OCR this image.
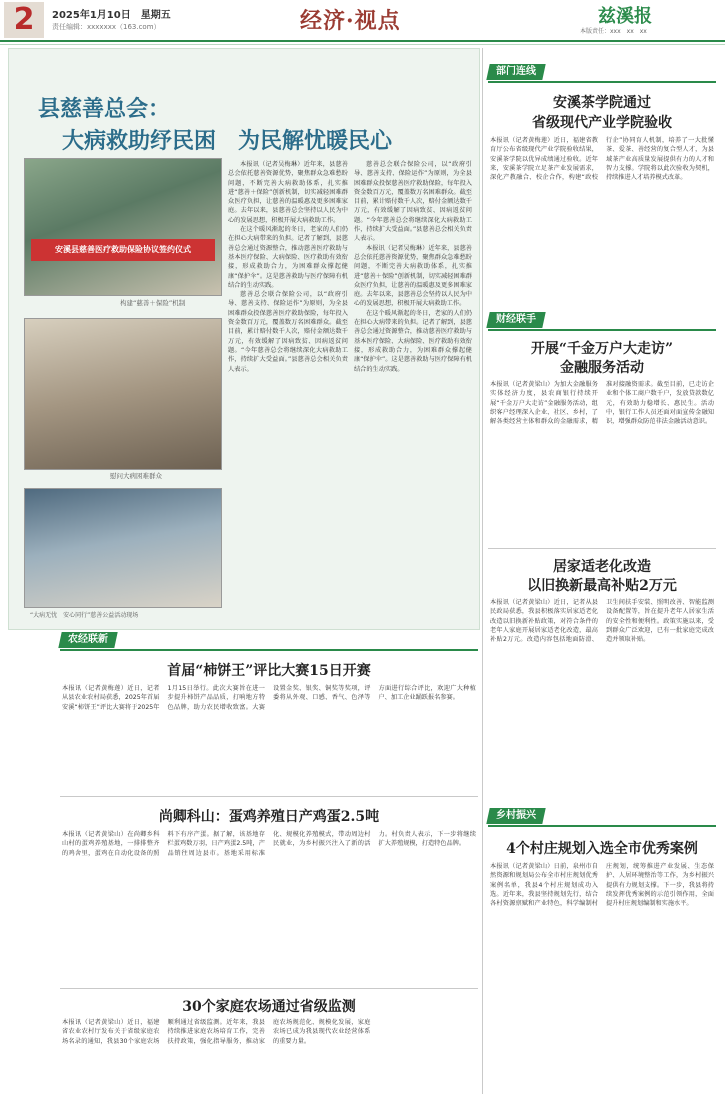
2	2025年1月10日　星期五
责任编辑：xxxxxxx（163.com）	经济·视点	兹溪报
本版责任：xxx　xx　xx
县慈善总会：
大病救助纾民困　为民解忧暖民心
安溪县慈善医疗救助保险协议签约仪式
构建“慈善＋保险”机制
慰问大病困难群众
“大病无忧　安心同行”慈善公益活动现场

本报讯（记者吴梅琳）近年来，县慈善总会依托慈善资源优势，聚焦群众急难愁盼问题，不断完善大病救助体系，扎实推进“慈善＋保险”创新机制，切实减轻困难群众医疗负担，让慈善的温暖惠及更多困难家庭。去年以来，县慈善总会坚持以人民为中心的发展思想，积极开展大病救助工作。

在这个暖风渐起的冬日，老家的人们仍在担心大病带来的负担。记者了解到，县慈善总会通过资源整合，推动慈善医疗救助与基本医疗保险、大病保险、医疗救助有效衔接，形成救助合力，为困难群众撑起健康“保护伞”。这是慈善救助与医疗保障有机结合的生动实践。

慈善总会联合保险公司，以“政府引导、慈善支持、保险运作”为原则，为全县困难群众投保慈善医疗救助保险，每年投入资金数百万元，覆盖数万名困难群众。截至目前，累计赔付数千人次，赔付金额达数千万元，有效缓解了因病致贫、因病返贫问题。“今年慈善总会将继续深化大病救助工作，持续扩大受益面。”县慈善总会相关负责人表示。

慈善总会联合保险公司，以“政府引导、慈善支持、保险运作”为原则，为全县困难群众投保慈善医疗救助保险，每年投入资金数百万元，覆盖数万名困难群众。截至目前，累计赔付数千人次，赔付金额达数千万元，有效缓解了因病致贫、因病返贫问题。“今年慈善总会将继续深化大病救助工作，持续扩大受益面。”县慈善总会相关负责人表示。

本报讯（记者吴梅琳）近年来，县慈善总会依托慈善资源优势，聚焦群众急难愁盼问题，不断完善大病救助体系，扎实推进“慈善＋保险”创新机制，切实减轻困难群众医疗负担，让慈善的温暖惠及更多困难家庭。去年以来，县慈善总会坚持以人民为中心的发展思想，积极开展大病救助工作。

在这个暖风渐起的冬日，老家的人们仍在担心大病带来的负担。记者了解到，县慈善总会通过资源整合，推动慈善医疗救助与基本医疗保险、大病保险、医疗救助有效衔接，形成救助合力，为困难群众撑起健康“保护伞”。这是慈善救助与医疗保障有机结合的生动实践。

部门连线
安溪茶学院通过
省级现代产业学院验收
本报讯（记者黄梅莲）近日，福建省教育厅公布省级现代产业学院验收结果，安溪茶学院以优异成绩通过验收。近年来，安溪茶学院立足茶产业发展需求，深化产教融合、校企合作，构建“政校行企”协同育人机制，培养了一大批懂茶、爱茶、善经营的复合型人才，为县域茶产业高质量发展提供有力的人才和智力支撑。学院将以此次验收为契机，持续推进人才培养模式改革。
财经联手
开展“千金万户大走访”
金融服务活动
本报讯（记者黄梁山）为加大金融服务实体经济力度，县农商银行持续开展“千金万户大走访”金融服务活动，组织客户经理深入企业、社区、乡村，了解各类经营主体和群众的金融需求，精准对接融资需求。截至目前，已走访企业和个体工商户数千户，发放贷款数亿元，有效助力稳增长、惠民生。活动中，银行工作人员还面对面宣传金融知识，增强群众防范非法金融活动意识。
居家适老化改造
以旧换新最高补贴2万元
本报讯（记者黄梁山）近日，记者从县民政局获悉，我县积极落实居家适老化改造以旧换新补贴政策，对符合条件的老年人家庭开展居家适老化改造，最高补贴2万元。改造内容包括地面防滑、卫生间扶手安装、照明改善、智能监测设备配置等，旨在提升老年人居家生活的安全性和便利性。政策实施以来，受到群众广泛欢迎，已有一批家庭完成改造并领取补贴。
农经联新
首届“柿饼王”评比大赛15日开赛
本报讯（记者黄梅莲）近日，记者从县农业农村局获悉，2025年首届安溪“柿饼王”评比大赛将于2025年1月15日举行。此次大赛旨在进一步提升柿饼产品品质，打响地方特色品牌，助力农民增收致富。大赛设置金奖、银奖、铜奖等奖项，评委将从外观、口感、香气、色泽等方面进行综合评比，欢迎广大种植户、加工企业踊跃报名参赛。
尚卿科山：蛋鸡养殖日产鸡蛋2.5吨
本报讯（记者黄梁山）在尚卿乡科山村的蛋鸡养殖基地，一排排整齐的鸡舍里，蛋鸡在自动化设备的照料下有序产蛋。据了解，该基地存栏蛋鸡数万羽，日产鸡蛋2.5吨，产品销往周边县市。基地采用标准化、规模化养殖模式，带动周边村民就业，为乡村振兴注入了新的活力。村负责人表示，下一步将继续扩大养殖规模，打造特色品牌。
30个家庭农场通过省级监测
本报讯（记者黄梁山）近日，福建省农业农村厅发布关于省级家庭农场名录的通知，我县30个家庭农场顺利通过省级监测。近年来，我县持续推进家庭农场培育工作，完善扶持政策，强化指导服务，推动家庭农场规范化、规模化发展，家庭农场已成为我县现代农业经营体系的重要力量。
乡村振兴
4个村庄规划入选全市优秀案例
本报讯（记者黄梁山）日前，泉州市自然资源和规划局公布全市村庄规划优秀案例名单，我县4个村庄规划成功入选。近年来，我县坚持规划先行，结合各村资源禀赋和产业特色，科学编制村庄规划，统筹推进产业发展、生态保护、人居环境整治等工作，为乡村振兴提供有力规划支撑。下一步，我县将持续发挥优秀案例的示范引领作用，全面提升村庄规划编制和实施水平。
